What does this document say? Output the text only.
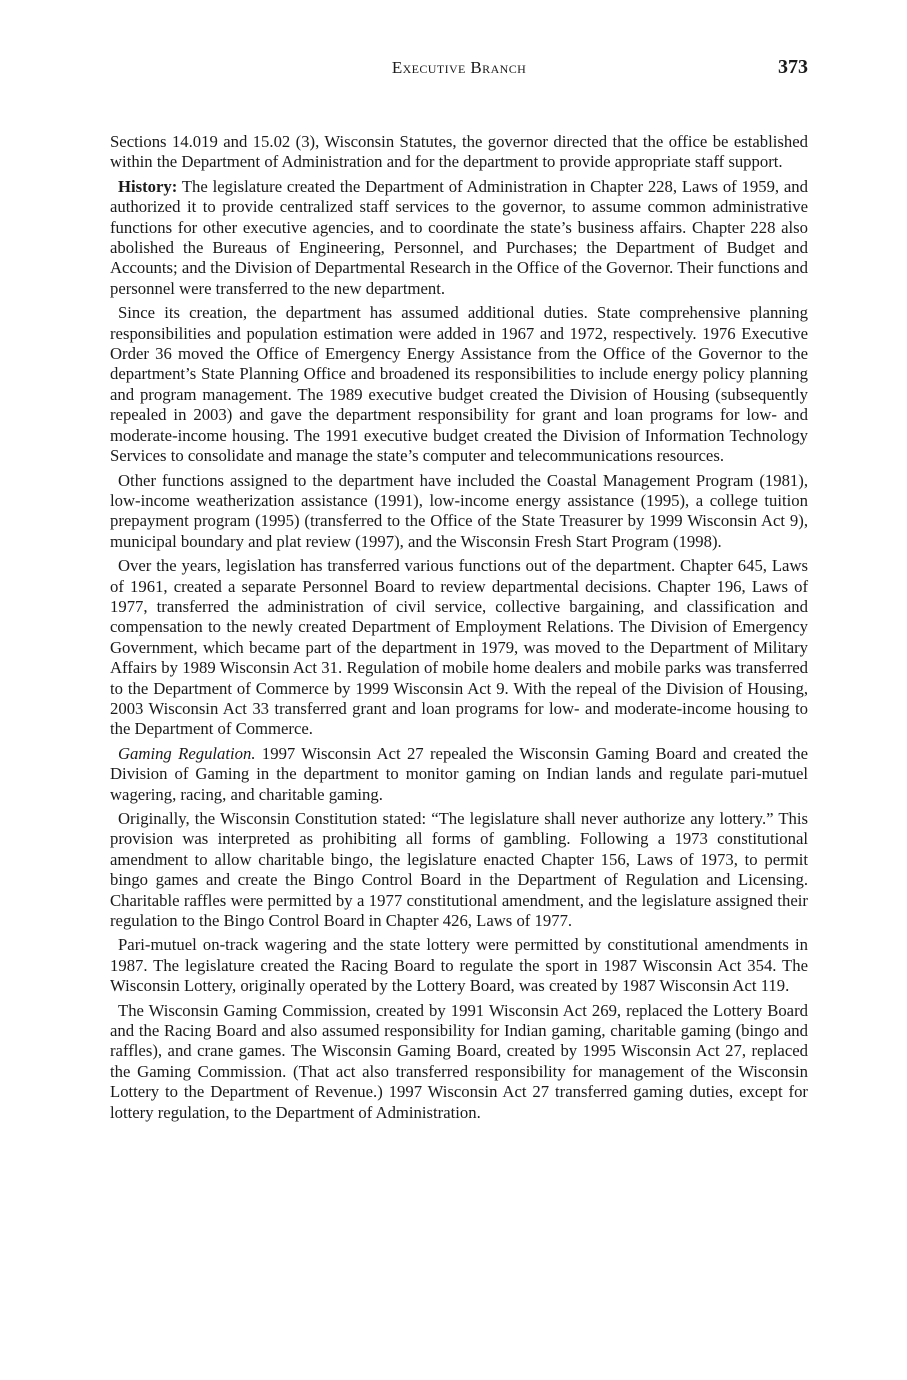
Executive Branch	373

Sections 14.019 and 15.02 (3), Wisconsin Statutes, the governor directed that the office be established within the Department of Administration and for the department to provide appropriate staff support.

History: The legislature created the Department of Administration in Chapter 228, Laws of 1959, and authorized it to provide centralized staff services to the governor, to assume common administrative functions for other executive agencies, and to coordinate the state’s business affairs. Chapter 228 also abolished the Bureaus of Engineering, Personnel, and Purchases; the Department of Budget and Accounts; and the Division of Departmental Research in the Office of the Governor. Their functions and personnel were transferred to the new department.

Since its creation, the department has assumed additional duties. State comprehensive planning responsibilities and population estimation were added in 1967 and 1972, respectively. 1976 Executive Order 36 moved the Office of Emergency Energy Assistance from the Office of the Governor to the department’s State Planning Office and broadened its responsibilities to include energy policy planning and program management. The 1989 executive budget created the Division of Housing (subsequently repealed in 2003) and gave the department responsibility for grant and loan programs for low- and moderate-income housing. The 1991 executive budget created the Division of Information Technology Services to consolidate and manage the state’s computer and telecommunications resources.

Other functions assigned to the department have included the Coastal Management Program (1981), low-income weatherization assistance (1991), low-income energy assistance (1995), a college tuition prepayment program (1995) (transferred to the Office of the State Treasurer by 1999 Wisconsin Act 9), municipal boundary and plat review (1997), and the Wisconsin Fresh Start Program (1998).

Over the years, legislation has transferred various functions out of the department. Chapter 645, Laws of 1961, created a separate Personnel Board to review departmental decisions. Chapter 196, Laws of 1977, transferred the administration of civil service, collective bargaining, and classification and compensation to the newly created Department of Employment Relations. The Division of Emergency Government, which became part of the department in 1979, was moved to the Department of Military Affairs by 1989 Wisconsin Act 31. Regulation of mobile home dealers and mobile parks was transferred to the Department of Commerce by 1999 Wisconsin Act 9. With the repeal of the Division of Housing, 2003 Wisconsin Act 33 transferred grant and loan programs for low- and moderate-income housing to the Department of Commerce.

Gaming Regulation. 1997 Wisconsin Act 27 repealed the Wisconsin Gaming Board and created the Division of Gaming in the department to monitor gaming on Indian lands and regulate pari-mutuel wagering, racing, and charitable gaming.

Originally, the Wisconsin Constitution stated: “The legislature shall never authorize any lottery.” This provision was interpreted as prohibiting all forms of gambling. Following a 1973 constitutional amendment to allow charitable bingo, the legislature enacted Chapter 156, Laws of 1973, to permit bingo games and create the Bingo Control Board in the Department of Regulation and Licensing. Charitable raffles were permitted by a 1977 constitutional amendment, and the legislature assigned their regulation to the Bingo Control Board in Chapter 426, Laws of 1977.

Pari-mutuel on-track wagering and the state lottery were permitted by constitutional amendments in 1987. The legislature created the Racing Board to regulate the sport in 1987 Wisconsin Act 354. The Wisconsin Lottery, originally operated by the Lottery Board, was created by 1987 Wisconsin Act 119.

The Wisconsin Gaming Commission, created by 1991 Wisconsin Act 269, replaced the Lottery Board and the Racing Board and also assumed responsibility for Indian gaming, charitable gaming (bingo and raffles), and crane games. The Wisconsin Gaming Board, created by 1995 Wisconsin Act 27, replaced the Gaming Commission. (That act also transferred responsibility for management of the Wisconsin Lottery to the Department of Revenue.) 1997 Wisconsin Act 27 transferred gaming duties, except for lottery regulation, to the Department of Administration.
